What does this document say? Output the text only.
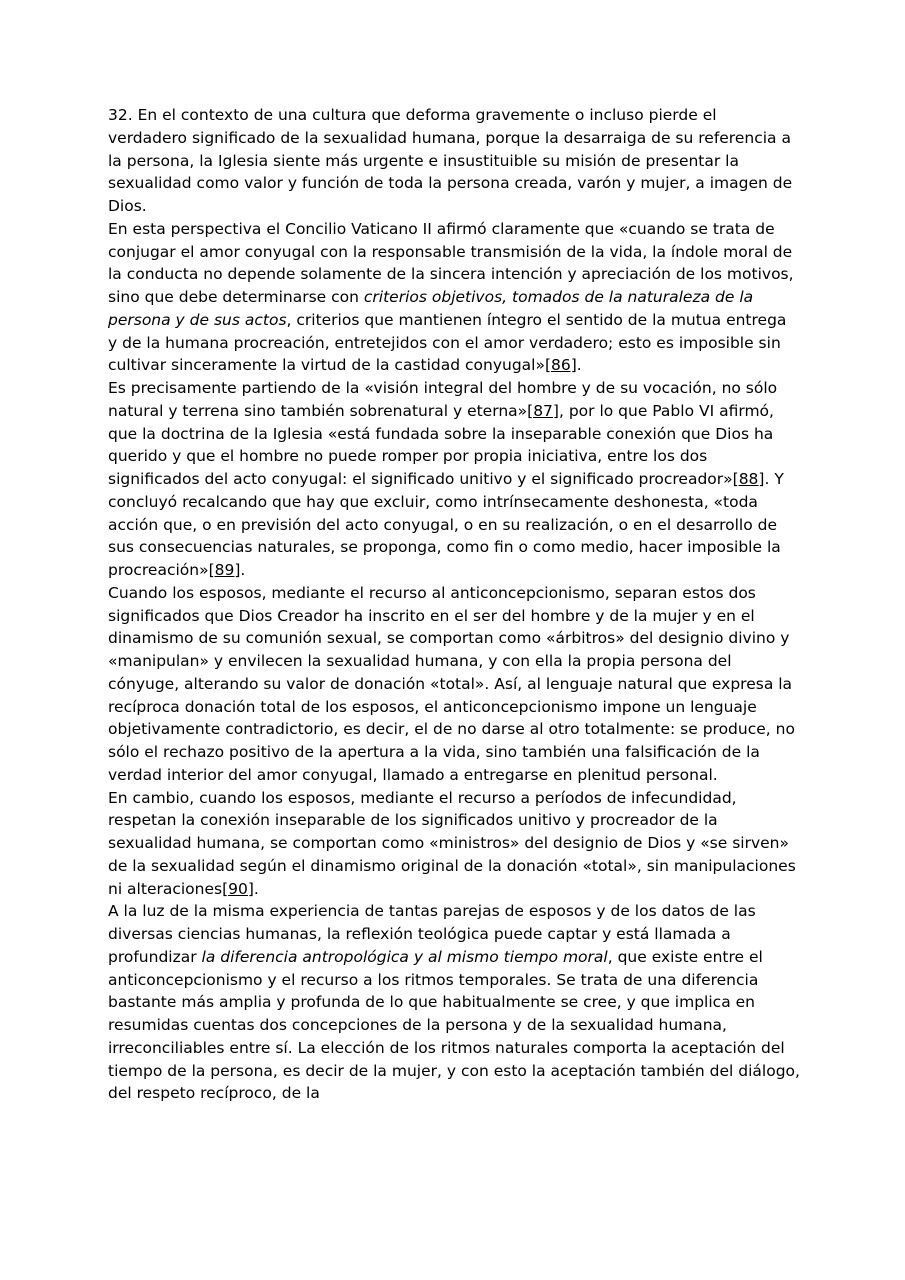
32. En el contexto de una cultura que deforma gravemente o incluso pierde el verdadero significado de la sexualidad humana, porque la desarraiga de su referencia a la persona, la Iglesia siente más urgente e insustituible su misión de presentar la sexualidad como valor y función de toda la persona creada, varón y mujer, a imagen de Dios.

En esta perspectiva el Concilio Vaticano II afirmó claramente que «cuando se trata de conjugar el amor conyugal con la responsable transmisión de la vida, la índole moral de la conducta no depende solamente de la sincera intención y apreciación de los motivos, sino que debe determinarse con criterios objetivos, tomados de la naturaleza de la persona y de sus actos, criterios que mantienen íntegro el sentido de la mutua entrega y de la humana procreación, entretejidos con el amor verdadero; esto es imposible sin cultivar sinceramente la virtud de la castidad conyugal»[86].

Es precisamente partiendo de la «visión integral del hombre y de su vocación, no sólo natural y terrena sino también sobrenatural y eterna»[87], por lo que Pablo VI afirmó, que la doctrina de la Iglesia «está fundada sobre la inseparable conexión que Dios ha querido y que el hombre no puede romper por propia iniciativa, entre los dos significados del acto conyugal: el significado unitivo y el significado procreador»[88]. Y concluyó recalcando que hay que excluir, como intrínsecamente deshonesta, «toda acción que, o en previsión del acto conyugal, o en su realización, o en el desarrollo de sus consecuencias naturales, se proponga, como fin o como medio, hacer imposible la procreación»[89].

Cuando los esposos, mediante el recurso al anticoncepcionismo, separan estos dos significados que Dios Creador ha inscrito en el ser del hombre y de la mujer y en el dinamismo de su comunión sexual, se comportan como «árbitros» del designio divino y «manipulan» y envilecen la sexualidad humana, y con ella la propia persona del cónyuge, alterando su valor de donación «total». Así, al lenguaje natural que expresa la recíproca donación total de los esposos, el anticoncepcionismo impone un lenguaje objetivamente contradictorio, es decir, el de no darse al otro totalmente: se produce, no sólo el rechazo positivo de la apertura a la vida, sino también una falsificación de la verdad interior del amor conyugal, llamado a entregarse en plenitud personal.

En cambio, cuando los esposos, mediante el recurso a períodos de infecundidad, respetan la conexión inseparable de los significados unitivo y procreador de la sexualidad humana, se comportan como «ministros» del designio de Dios y «se sirven» de la sexualidad según el dinamismo original de la donación «total», sin manipulaciones ni alteraciones[90].

A la luz de la misma experiencia de tantas parejas de esposos y de los datos de las diversas ciencias humanas, la reflexión teológica puede captar y está llamada a profundizar la diferencia antropológica y al mismo tiempo moral, que existe entre el anticoncepcionismo y el recurso a los ritmos temporales. Se trata de una diferencia bastante más amplia y profunda de lo que habitualmente se cree, y que implica en resumidas cuentas dos concepciones de la persona y de la sexualidad humana, irreconciliables entre sí. La elección de los ritmos naturales comporta la aceptación del tiempo de la persona, es decir de la mujer, y con esto la aceptación también del diálogo, del respeto recíproco, de la
